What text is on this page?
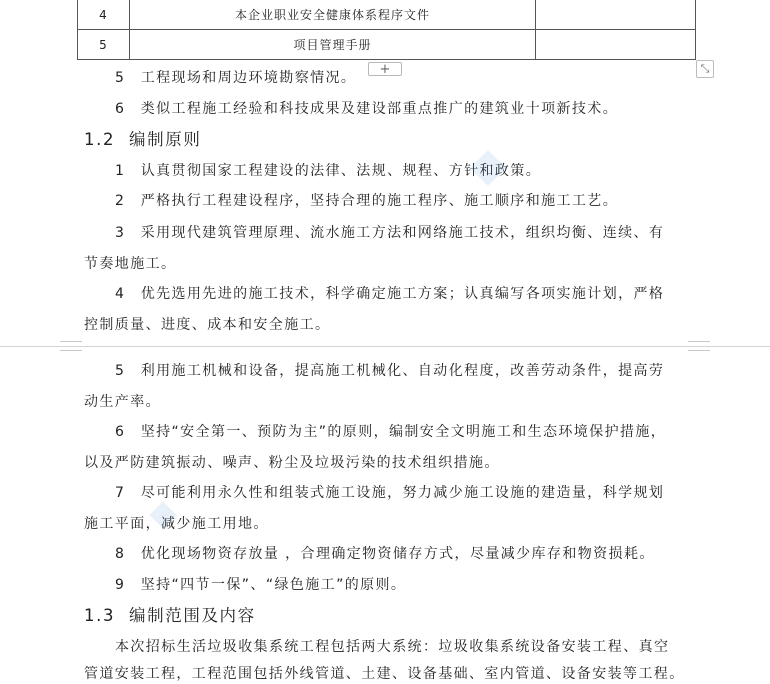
4	本企业职业安全健康体系程序文件	
5	项目管理手册	
+	⤡
5　工程现场和周边环境勘察情况。
6　类似工程施工经验和科技成果及建设部重点推广的建筑业十项新技术。
1.2 编制原则
1　认真贯彻国家工程建设的法律、法规、规程、方针和政策。
2　严格执行工程建设程序，坚持合理的施工程序、施工顺序和施工工艺。
3　采用现代建筑管理原理、流水施工方法和网络施工技术，组织均衡、连续、有
节奏地施工。
4　优先选用先进的施工技术，科学确定施工方案；认真编写各项实施计划，严格
控制质量、进度、成本和安全施工。
5　利用施工机械和设备，提高施工机械化、自动化程度，改善劳动条件，提高劳
动生产率。
6　坚持“安全第一、预防为主”的原则，编制安全文明施工和生态环境保护措施，
以及严防建筑振动、噪声、粉尘及垃圾污染的技术组织措施。
7　尽可能利用永久性和组装式施工设施，努力减少施工设施的建造量，科学规划
施工平面，减少施工用地。
8　优化现场物资存放量 ，合理确定物资储存方式，尽量减少库存和物资损耗。
9　坚持“四节一保”、“绿色施工”的原则。
1.3 编制范围及内容
本次招标生活垃圾收集系统工程包括两大系统：垃圾收集系统设备安装工程、真空
管道安装工程，工程范围包括外线管道、土建、设备基础、室内管道、设备安装等工程。
